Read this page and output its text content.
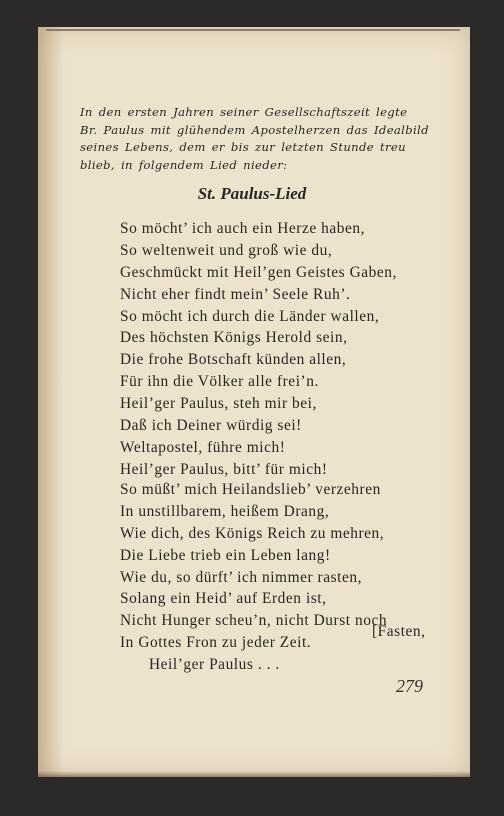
In den ersten Jahren seiner Gesellschaftszeit legte Br. Paulus mit glühendem Apostelherzen das Idealbild seines Lebens, dem er bis zur letzten Stunde treu blieb, in folgendem Lied nieder:

St. Paulus-Lied
So möcht’ ich auch ein Herze haben,
So weltenweit und groß wie du,
Geschmückt mit Heil’gen Geistes Gaben,
Nicht eher findt mein’ Seele Ruh’.
So möcht ich durch die Länder wallen,
Des höchsten Königs Herold sein,
Die frohe Botschaft künden allen,
Für ihn die Völker alle frei’n.
Heil’ger Paulus, steh mir bei,
Daß ich Deiner würdig sei!
Weltapostel, führe mich!
Heil’ger Paulus, bitt’ für mich!
So müßt’ mich Heilandslieb’ verzehren
In unstillbarem, heißem Drang,
Wie dich, des Königs Reich zu mehren,
Die Liebe trieb ein Leben lang!
Wie du, so dürft’ ich nimmer rasten,
Solang ein Heid’ auf Erden ist,
Nicht Hunger scheu’n, nicht Durst noch
In Gottes Fron zu jeder Zeit.
Heil’ger Paulus . . .
[Fasten,
279
